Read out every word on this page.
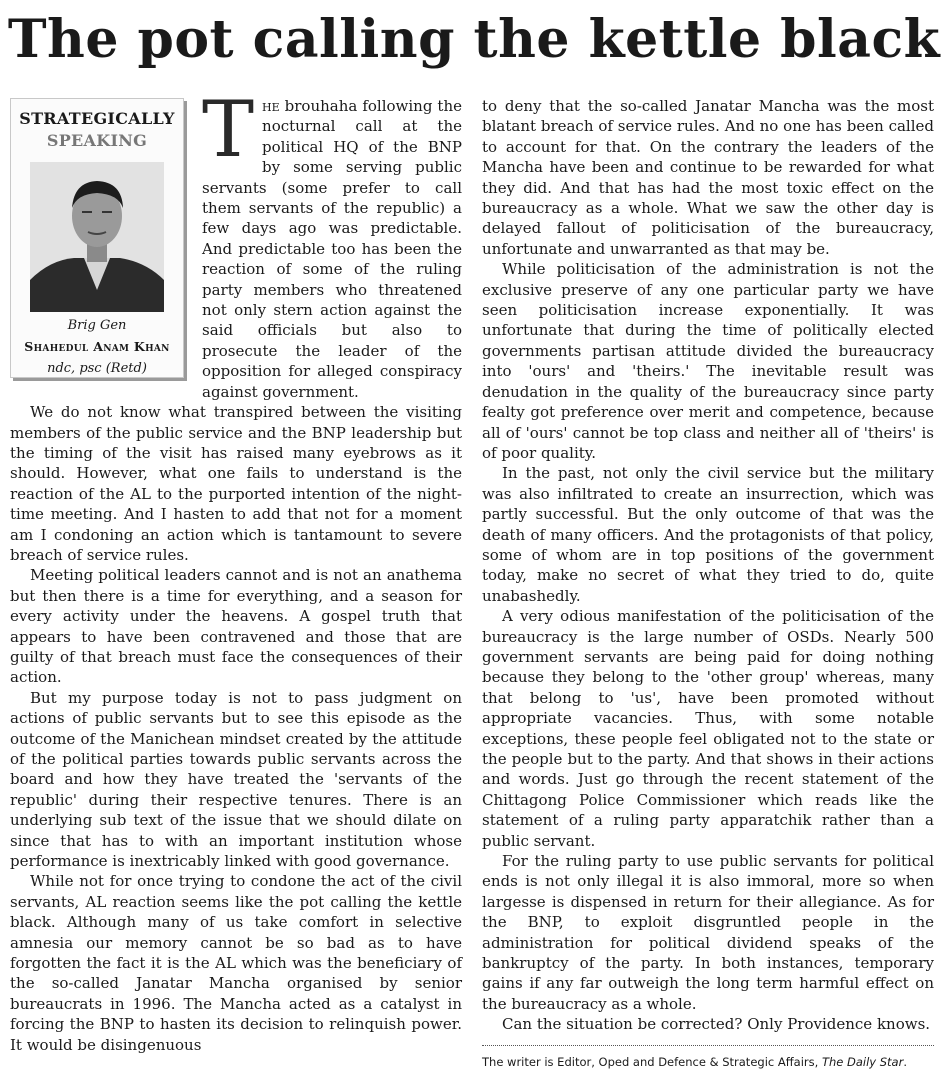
The pot calling the kettle black
STRATEGICALLY
SPEAKING
Brig Gen
Shahedul Anam Khan
ndc, psc (Retd)

The brouhaha following the nocturnal call at the political HQ of the BNP by some serving public servants (some prefer to call them servants of the republic) a few days ago was predictable. And predictable too has been the reaction of some of the ruling party members who threatened not only stern action against the said officials but also to prosecute the leader of the opposition for alleged conspiracy against government.

We do not know what transpired between the visiting members of the public service and the BNP leadership but the timing of the visit has raised many eyebrows as it should. However, what one fails to understand is the reaction of the AL to the purported intention of the night-time meeting. And I hasten to add that not for a moment am I condoning an action which is tantamount to severe breach of service rules.

Meeting political leaders cannot and is not an anathema but then there is a time for everything, and a season for every activity under the heavens. A gospel truth that appears to have been contravened and those that are guilty of that breach must face the consequences of their action.

But my purpose today is not to pass judgment on actions of public servants but to see this episode as the outcome of the Manichean mindset created by the attitude of the political parties towards public servants across the board and how they have treated the 'servants of the republic' during their respective tenures. There is an underlying sub text of the issue that we should dilate on since that has to with an important institution whose performance is inextricably linked with good governance.

While not for once trying to condone the act of the civil servants, AL reaction seems like the pot calling the kettle black. Although many of us take comfort in selective amnesia our memory cannot be so bad as to have forgotten the fact it is the AL which was the beneficiary of the so-called Janatar Mancha organised by senior bureaucrats in 1996. The Mancha acted as a catalyst in forcing the BNP to hasten its decision to relinquish power. It would be disingenuous

to deny that the so-called Janatar Mancha was the most blatant breach of service rules. And no one has been called to account for that. On the contrary the leaders of the Mancha have been and continue to be rewarded for what they did. And that has had the most toxic effect on the bureaucracy as a whole. What we saw the other day is delayed fallout of politicisation of the bureaucracy, unfortunate and unwarranted as that may be.

While politicisation of the administration is not the exclusive preserve of any one particular party we have seen politicisation increase exponentially. It was unfortunate that during the time of politically elected governments partisan attitude divided the bureaucracy into 'ours' and 'theirs.' The inevitable result was denudation in the quality of the bureaucracy since party fealty got preference over merit and competence, because all of 'ours' cannot be top class and neither all of 'theirs' is of poor quality.

In the past, not only the civil service but the military was also infiltrated to create an insurrection, which was partly successful. But the only outcome of that was the death of many officers. And the protagonists of that policy, some of whom are in top positions of the government today, make no secret of what they tried to do, quite unabashedly.

A very odious manifestation of the politicisation of the bureaucracy is the large number of OSDs. Nearly 500 government servants are being paid for doing nothing because they belong to the 'other group' whereas, many that belong to 'us', have been promoted without appropriate vacancies. Thus, with some notable exceptions, these people feel obligated not to the state or the people but to the party. And that shows in their actions and words. Just go through the recent statement of the Chittagong Police Commissioner which reads like the statement of a ruling party apparatchik rather than a public servant.

For the ruling party to use public servants for political ends is not only illegal it is also immoral, more so when largesse is dispensed in return for their allegiance. As for the BNP, to exploit disgruntled people in the administration for political dividend speaks of the bankruptcy of the party. In both instances, temporary gains if any far outweigh the long term harmful effect on the bureaucracy as a whole.

Can the situation be corrected? Only Providence knows.

The writer is Editor, Oped and Defence & Strategic Affairs, The Daily Star.
